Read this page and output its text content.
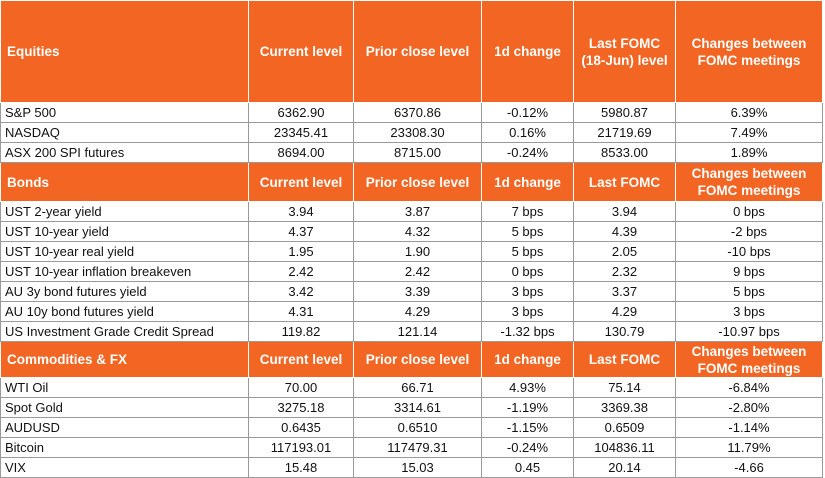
Equities	Current level	Prior close level	1d change	Last FOMC (18-Jun) level	Changes between FOMC meetings
S&P 500	6362.90	6370.86	-0.12%	5980.87	6.39%
NASDAQ	23345.41	23308.30	0.16%	21719.69	7.49%
ASX 200 SPI futures	8694.00	8715.00	-0.24%	8533.00	1.89%
Bonds	Current level	Prior close level	1d change	Last FOMC	Changes between FOMC meetings
UST 2-year yield	3.94	3.87	7 bps	3.94	0 bps
UST 10-year yield	4.37	4.32	5 bps	4.39	-2 bps
UST 10-year real yield	1.95	1.90	5 bps	2.05	-10 bps
UST 10-year inflation breakeven	2.42	2.42	0 bps	2.32	9 bps
AU 3y bond futures yield	3.42	3.39	3 bps	3.37	5 bps
AU 10y bond futures yield	4.31	4.29	3 bps	4.29	3 bps
US Investment Grade Credit Spread	119.82	121.14	-1.32 bps	130.79	-10.97 bps
Commodities & FX	Current level	Prior close level	1d change	Last FOMC	Changes between FOMC meetings
WTI Oil	70.00	66.71	4.93%	75.14	-6.84%
Spot Gold	3275.18	3314.61	-1.19%	3369.38	-2.80%
AUDUSD	0.6435	0.6510	-1.15%	0.6509	-1.14%
Bitcoin	117193.01	117479.31	-0.24%	104836.11	11.79%
VIX	15.48	15.03	0.45	20.14	-4.66
